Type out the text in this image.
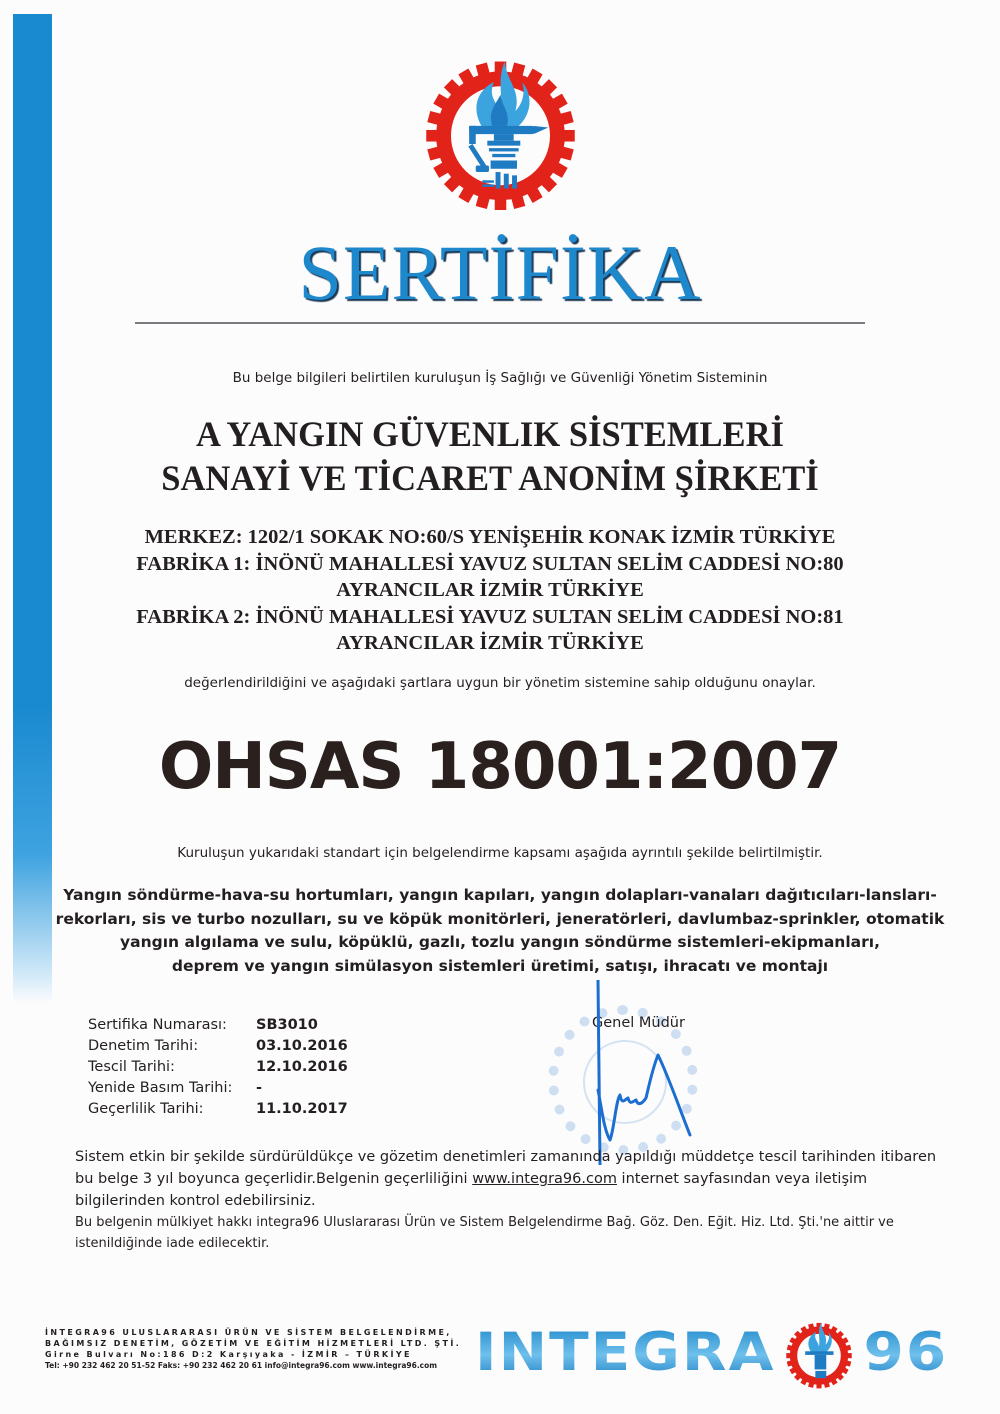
SERTİFİKA
Bu belge bilgileri belirtilen kuruluşun İş Sağlığı ve Güvenliği Yönetim Sisteminin
A YANGIN GÜVENLIK SİSTEMLERİ
SANAYİ VE TİCARET ANONİM ŞİRKETİ
MERKEZ: 1202/1 SOKAK NO:60/S YENİŞEHİR KONAK İZMİR TÜRKİYE
FABRİKA 1: İNÖNÜ MAHALLESİ YAVUZ SULTAN SELİM CADDESİ NO:80
AYRANCILAR İZMİR TÜRKİYE
FABRİKA 2: İNÖNÜ MAHALLESİ YAVUZ SULTAN SELİM CADDESİ NO:81
AYRANCILAR İZMİR TÜRKİYE
değerlendirildiğini ve aşağıdaki şartlara uygun bir yönetim sistemine sahip olduğunu onaylar.
OHSAS 18001:2007
Kuruluşun yukarıdaki standart için belgelendirme kapsamı aşağıda ayrıntılı şekilde belirtilmiştir.
Yangın söndürme-hava-su hortumları, yangın kapıları, yangın dolapları-vanaları dağıtıcıları-lansları-
rekorları, sis ve turbo nozulları, su ve köpük monitörleri, jeneratörleri, davlumbaz-sprinkler, otomatik
yangın algılama ve sulu, köpüklü, gazlı, tozlu yangın söndürme sistemleri-ekipmanları,
deprem ve yangın simülasyon sistemleri üretimi, satışı, ihracatı ve montajı
Sertifika Numarası:	SB3010
Denetim Tarihi:	03.10.2016
Tescil Tarihi:	12.10.2016
Yenide Basım Tarihi:	-
Geçerlilik Tarihi:	11.10.2017
Genel Müdür
Sistem etkin bir şekilde sürdürüldükçe ve gözetim denetimleri zamanında yapıldığı müddetçe tescil tarihinden itibaren bu belge 3 yıl boyunca geçerlidir.Belgenin geçerliliğini www.integra96.com internet sayfasından veya iletişim bilgilerinden kontrol edebilirsiniz.
Bu belgenin mülkiyet hakkı integra96 Uluslararası Ürün ve Sistem Belgelendirme Bağ. Göz. Den. Eğit. Hiz. Ltd. Şti.'ne aittir ve istenildiğinde iade edilecektir.
İNTEGRA96 ULUSLARARASI ÜRÜN VE SİSTEM BELGELENDİRME,
BAĞIMSIZ DENETİM, GÖZETİM VE EĞİTİM HİZMETLERİ LTD. ŞTİ.
Girne Bulvarı No:186 D:2 Karşıyaka - İZMİR – TÜRKİYE
Tel: +90 232 462 20 51-52 Faks: +90 232 462 20 61 info@integra96.com www.integra96.com INTEGRA 96
